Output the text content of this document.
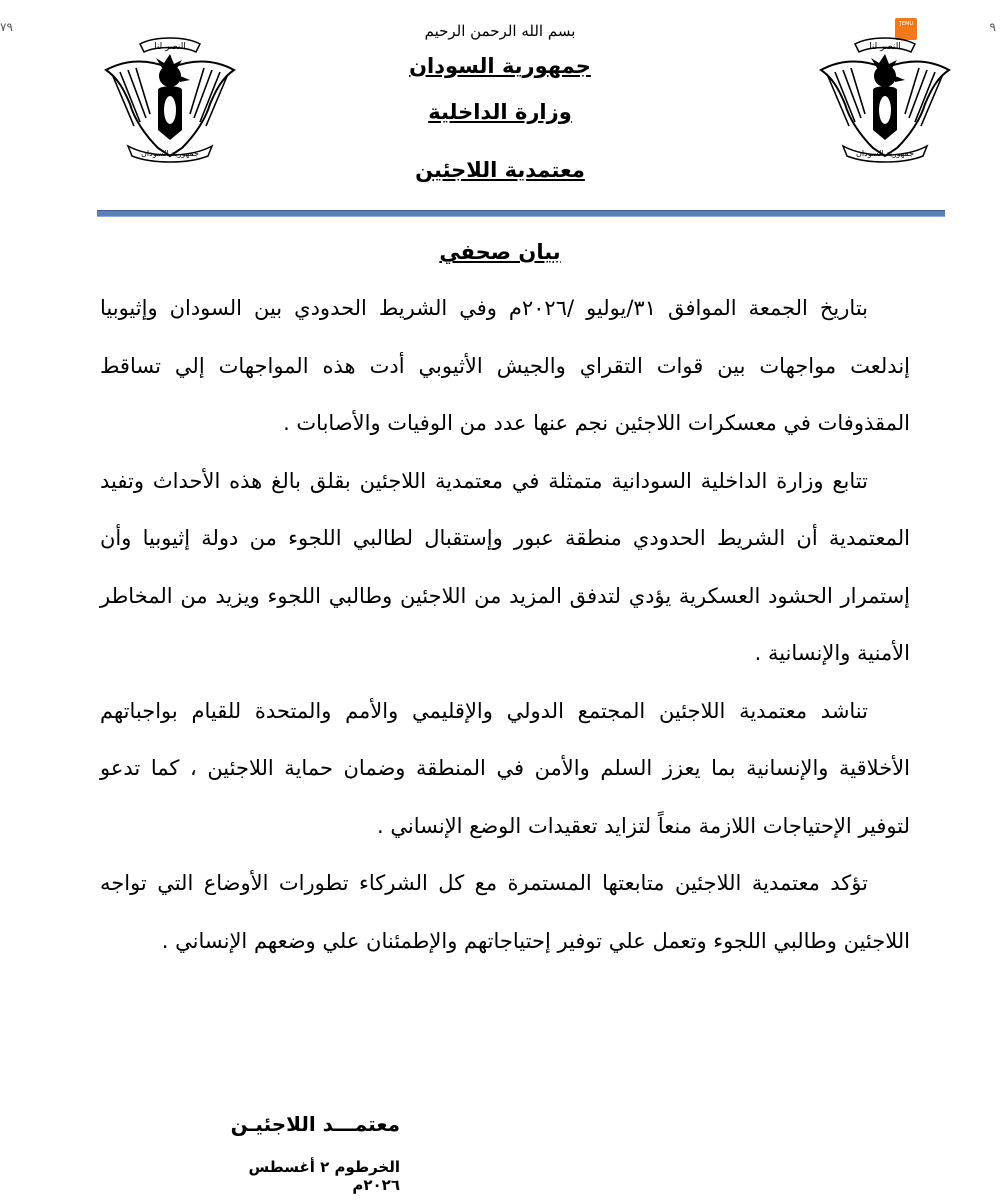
٧٩	٩
ِTEMU
النصر لنا
جمهورية السودان
النصر لنا
جمهورية السودان

بسم الله الرحمن الرحيم

جمهورية السودان

وزارة الداخلية

معتمدية اللاجئين

بيان صحفي

بتاريخ الجمعة الموافق ٣١/يوليو /٢٠٢٦م وفي الشريط الحدودي بين السودان وإثيوبيا إندلعت مواجهات بين قوات التقراي والجيش الأثيوبي أدت هذه المواجهات إلي تساقط المقذوفات في معسكرات اللاجئين نجم عنها عدد من الوفيات والأصابات .

تتابع وزارة الداخلية السودانية متمثلة في معتمدية اللاجئين بقلق بالغ هذه الأحداث وتفيد المعتمدية أن الشريط الحدودي منطقة عبور وإستقبال لطالبي اللجوء من دولة إثيوبيا وأن إستمرار الحشود العسكرية يؤدي لتدفق المزيد من اللاجئين وطالبي اللجوء ويزيد من المخاطر الأمنية والإنسانية .

تناشد معتمدية اللاجئين المجتمع الدولي والإقليمي والأمم والمتحدة للقيام بواجباتهم الأخلاقية والإنسانية بما يعزز السلم والأمن في المنطقة وضمان حماية اللاجئين ، كما تدعو لتوفير الإحتياجات اللازمة منعاً لتزايد تعقيدات الوضع الإنساني .

تؤكد معتمدية اللاجئين متابعتها المستمرة مع كل الشركاء تطورات الأوضاع التي تواجه اللاجئين وطالبي اللجوء وتعمل علي توفير إحتياجاتهم والإطمئنان علي وضعهم الإنساني .

معتمـــد اللاجئيـن

الخرطوم ٢ أغسطس ٢٠٢٦م
